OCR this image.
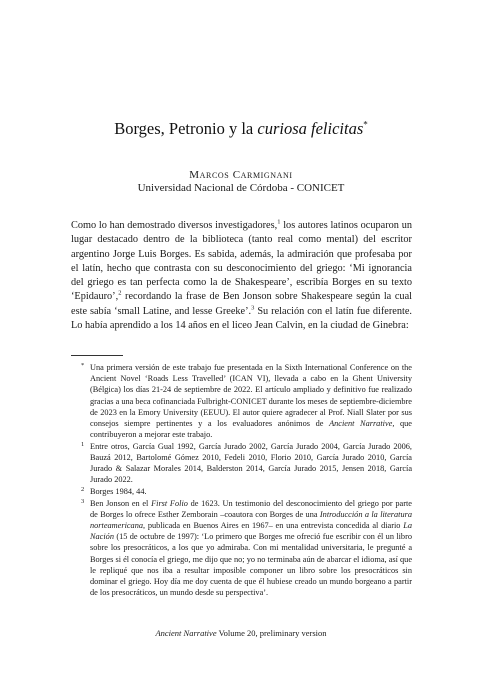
Borges, Petronio y la curiosa felicitas*
Marcos Carmignani
Universidad Nacional de Córdoba - CONICET

Como lo han demostrado diversos investigadores,$^1$ los autores latinos ocuparon un lugar destacado dentro de la biblioteca (tanto real como mental) del escritor argentino Jorge Luis Borges. Es sabida, además, la admiración que profesaba por el latín, hecho que contrasta con su desconocimiento del griego: ‘Mi ignorancia del griego es tan perfecta como la de Shakespeare’, escribía Borges en su texto ‘Epidauro’,$^2$ recordando la frase de Ben Jonson sobre Shakespeare según la cual este sabía ‘small Latine, and lesse Greeke’.$^3$ Su relación con el latín fue diferente. Lo había aprendido a los 14 años en el liceo Jean Calvin, en la ciudad de Ginebra:

* Una primera versión de este trabajo fue presentada en la Sixth International Conference on the Ancient Novel ‘Roads Less Travelled’ (ICAN VI), llevada a cabo en la Ghent University (Bélgica) los días 21-24 de septiembre de 2022. El artículo ampliado y definitivo fue realizado gracias a una beca cofinanciada Fulbright-CONICET durante los meses de septiembre-diciembre de 2023 en la Emory University (EEUU). El autor quiere agradecer al Prof. Niall Slater por sus consejos siempre pertinentes y a los evaluadores anónimos de Ancient Narrative, que contribuyeron a mejorar este trabajo.

1 Entre otros, García Gual 1992, García Jurado 2002, García Jurado 2004, García Jurado 2006, Bauzá 2012, Bartolomé Gómez 2010, Fedeli 2010, Florio 2010, García Jurado 2010, García Jurado & Salazar Morales 2014, Balderston 2014, García Jurado 2015, Jensen 2018, García Jurado 2022.

2 Borges 1984, 44.

3 Ben Jonson en el First Folio de 1623. Un testimonio del desconocimiento del griego por parte de Borges lo ofrece Esther Zemborain –coautora con Borges de una Introducción a la literatura norteamericana, publicada en Buenos Aires en 1967– en una entrevista concedida al diario La Nación (15 de octubre de 1997): ‘Lo primero que Borges me ofreció fue escribir con él un libro sobre los presocráticos, a los que yo admiraba. Con mi mentalidad universitaria, le pregunté a Borges si él conocía el griego, me dijo que no; yo no terminaba aún de abarcar el idioma, así que le repliqué que nos iba a resultar imposible componer un libro sobre los presocráticos sin dominar el griego. Hoy día me doy cuenta de que él hubiese creado un mundo borgeano a partir de los presocráticos, un mundo desde su perspectiva’.

Ancient Narrative Volume 20, preliminary version
